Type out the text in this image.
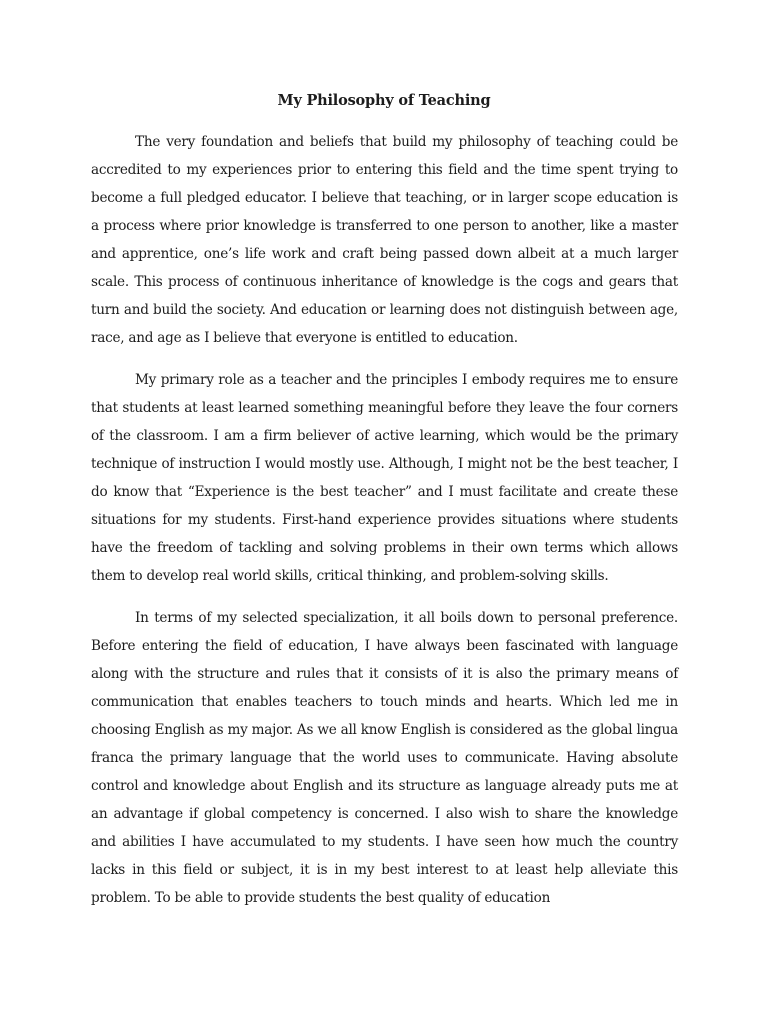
My Philosophy of Teaching

The very foundation and beliefs that build my philosophy of teaching could be accredited to my experiences prior to entering this field and the time spent trying to become a full pledged educator. I believe that teaching, or in larger scope education is a process where prior knowledge is transferred to one person to another, like a master and apprentice, one’s life work and craft being passed down albeit at a much larger scale. This process of continuous inheritance of knowledge is the cogs and gears that turn and build the society. And education or learning does not distinguish between age, race, and age as I believe that everyone is entitled to education.

My primary role as a teacher and the principles I embody requires me to ensure that students at least learned something meaningful before they leave the four corners of the classroom. I am a firm believer of active learning, which would be the primary technique of instruction I would mostly use. Although, I might not be the best teacher, I do know that “Experience is the best teacher” and I must facilitate and create these situations for my students. First-hand experience provides situations where students have the freedom of tackling and solving problems in their own terms which allows them to develop real world skills, critical thinking, and problem-solving skills.

In terms of my selected specialization, it all boils down to personal preference. Before entering the field of education, I have always been fascinated with language along with the structure and rules that it consists of it is also the primary means of communication that enables teachers to touch minds and hearts. Which led me in choosing English as my major. As we all know English is considered as the global lingua franca the primary language that the world uses to communicate. Having absolute control and knowledge about English and its structure as language already puts me at an advantage if global competency is concerned. I also wish to share the knowledge and abilities I have accumulated to my students. I have seen how much the country lacks in this field or subject, it is in my best interest to at least help alleviate this problem. To be able to provide students the best quality of education
